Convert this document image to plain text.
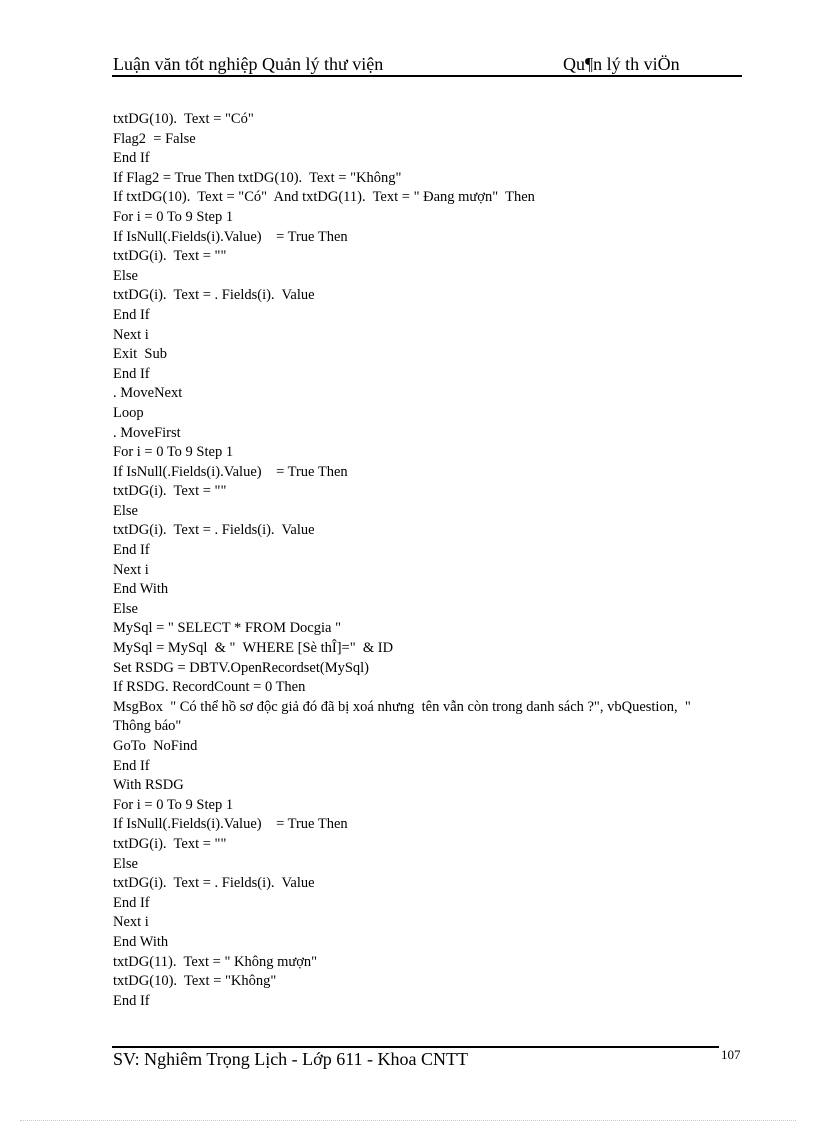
Luận văn tốt nghiệp Quản lý thư viện	Qu¶n lý th viÖn
txtDG(10).  Text = "Có"
Flag2  = False
End If
If Flag2 = True Then txtDG(10).  Text = "Không"
If txtDG(10).  Text = "Có"  And txtDG(11).  Text = " Đang mượn"  Then
For i = 0 To 9 Step 1
If IsNull(.Fields(i).Value)    = True Then
txtDG(i).  Text = ""
Else
txtDG(i).  Text = . Fields(i).  Value
End If
Next i
Exit  Sub
End If
. MoveNext
Loop
. MoveFirst
For i = 0 To 9 Step 1
If IsNull(.Fields(i).Value)    = True Then
txtDG(i).  Text = ""
Else
txtDG(i).  Text = . Fields(i).  Value
End If
Next i
End With
Else
MySql = " SELECT * FROM Docgia "
MySql = MySql  & "  WHERE [Sè thÎ]="  & ID
Set RSDG = DBTV.OpenRecordset(MySql)
If RSDG. RecordCount = 0 Then
MsgBox  " Có thể hồ sơ độc giả đó đã bị xoá nhưng  tên vẫn còn trong danh sách ?", vbQuestion,  "
Thông báo"
GoTo  NoFind
End If
With RSDG
For i = 0 To 9 Step 1
If IsNull(.Fields(i).Value)    = True Then
txtDG(i).  Text = ""
Else
txtDG(i).  Text = . Fields(i).  Value
End If
Next i
End With
txtDG(11).  Text = " Không mượn"
txtDG(10).  Text = "Không"
End If
107
SV: Nghiêm Trọng Lịch - Lớp 611 - Khoa CNTT
